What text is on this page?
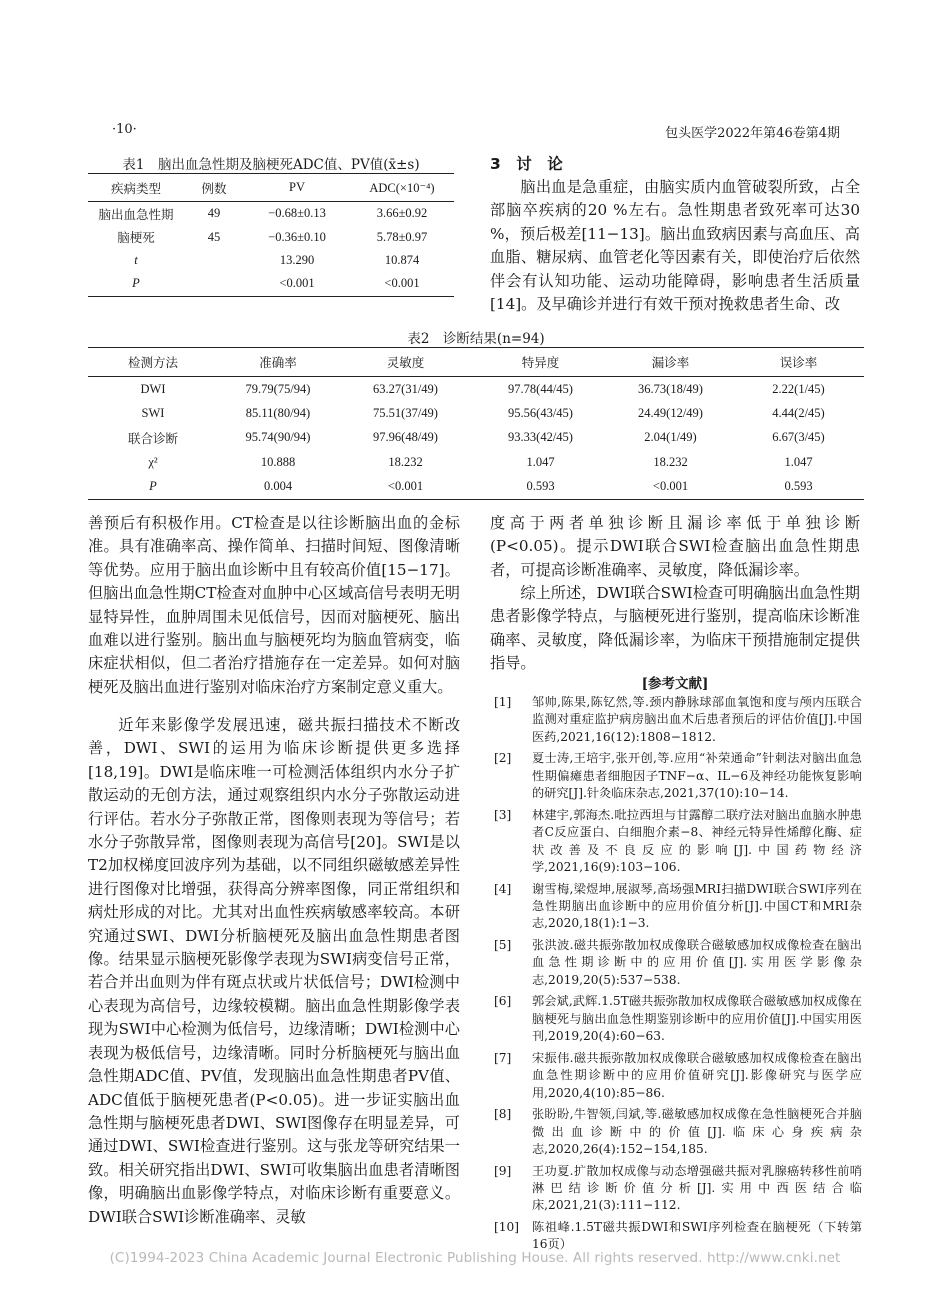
·10·	包头医学2022年第46卷第4期
表1　脑出血急性期及脑梗死ADC值、PV值(x̄±s)
疾病类型	例数	PV	ADC(×10⁻⁴)
脑出血急性期	49	−0.68±0.13	3.66±0.92
脑梗死	45	−0.36±0.10	5.78±0.97
t		13.290	10.874
P		<0.001	<0.001
3　讨　论

脑出血是急重症，由脑实质内血管破裂所致，占全部脑卒疾病的20 %左右。急性期患者致死率可达30 %，预后极差[11−13]。脑出血致病因素与高血压、高血脂、糖尿病、血管老化等因素有关，即使治疗后依然伴会有认知功能、运动功能障碍，影响患者生活质量[14]。及早确诊并进行有效干预对挽救患者生命、改

表2　诊断结果(n=94)
检测方法	准确率	灵敏度	特异度	漏诊率	误诊率
DWI	79.79(75/94)	63.27(31/49)	97.78(44/45)	36.73(18/49)	2.22(1/45)
SWI	85.11(80/94)	75.51(37/49)	95.56(43/45)	24.49(12/49)	4.44(2/45)
联合诊断	95.74(90/94)	97.96(48/49)	93.33(42/45)	2.04(1/49)	6.67(3/45)
χ²	10.888	18.232	1.047	18.232	1.047
P	0.004	<0.001	0.593	<0.001	0.593

善预后有积极作用。CT检查是以往诊断脑出血的金标准。具有准确率高、操作简单、扫描时间短、图像清晰等优势。应用于脑出血诊断中且有较高价值[15−17]。但脑出血急性期CT检查对血肿中心区域高信号表明无明显特异性，血肿周围未见低信号，因而对脑梗死、脑出血难以进行鉴别。脑出血与脑梗死均为脑血管病变，临床症状相似，但二者治疗措施存在一定差异。如何对脑梗死及脑出血进行鉴别对临床治疗方案制定意义重大。

近年来影像学发展迅速，磁共振扫描技术不断改善，DWI、SWI的运用为临床诊断提供更多选择[18,19]。DWI是临床唯一可检测活体组织内水分子扩散运动的无创方法，通过观察组织内水分子弥散运动进行评估。若水分子弥散正常，图像则表现为等信号；若水分子弥散异常，图像则表现为高信号[20]。SWI是以T2加权梯度回波序列为基础，以不同组织磁敏感差异性进行图像对比增强，获得高分辨率图像，同正常组织和病灶形成的对比。尤其对出血性疾病敏感率较高。本研究通过SWI、DWI分析脑梗死及脑出血急性期患者图像。结果显示脑梗死影像学表现为SWI病变信号正常，若合并出血则为伴有斑点状或片状低信号；DWI检测中心表现为高信号，边缘较模糊。脑出血急性期影像学表现为SWI中心检测为低信号，边缘清晰；DWI检测中心表现为极低信号，边缘清晰。同时分析脑梗死与脑出血急性期ADC值、PV值，发现脑出血急性期患者PV值、ADC值低于脑梗死患者(P<0.05)。进一步证实脑出血急性期与脑梗死患者DWI、SWI图像存在明显差异，可通过DWI、SWI检查进行鉴别。这与张龙等研究结果一致。相关研究指出DWI、SWI可收集脑出血患者清晰图像，明确脑出血影像学特点，对临床诊断有重要意义。DWI联合SWI诊断准确率、灵敏

度高于两者单独诊断且漏诊率低于单独诊断(P<0.05)。提示DWI联合SWI检查脑出血急性期患者，可提高诊断准确率、灵敏度，降低漏诊率。

综上所述，DWI联合SWI检查可明确脑出血急性期患者影像学特点，与脑梗死进行鉴别，提高临床诊断准确率、灵敏度，降低漏诊率，为临床干预措施制定提供指导。

[参考文献]
[1] 邹帅,陈果,陈钇然,等.颈内静脉球部血氧饱和度与颅内压联合监测对重症监护病房脑出血术后患者预后的评估价值[J].中国医药,2021,16(12):1808−1812.
[2] 夏士涛,王培宇,张开创,等.应用“补荣通命”针刺法对脑出血急性期偏瘫患者细胞因子TNF−α、IL−6及神经功能恢复影响的研究[J].针灸临床杂志,2021,37(10):10−14.
[3] 林建宇,郭海杰.吡拉西坦与甘露醇二联疗法对脑出血脑水肿患者C反应蛋白、白细胞介素−8、神经元特异性烯醇化酶、症状改善及不良反应的影响[J].中国药物经济学,2021,16(9):103−106.
[4] 谢雪梅,梁煜坤,展淑琴,高场强MRI扫描DWI联合SWI序列在急性期脑出血诊断中的应用价值分析[J].中国CT和MRI杂志,2020,18(1):1−3.
[5] 张洪波.磁共振弥散加权成像联合磁敏感加权成像检查在脑出血急性期诊断中的应用价值[J].实用医学影像杂志,2019,20(5):537−538.
[6] 郭会斌,武辉.1.5T磁共振弥散加权成像联合磁敏感加权成像在脑梗死与脑出血急性期鉴别诊断中的应用价值[J].中国实用医刊,2019,20(4):60−63.
[7] 宋振伟.磁共振弥散加权成像联合磁敏感加权成像检查在脑出血急性期诊断中的应用价值研究[J].影像研究与医学应用,2020,4(10):85−86.
[8] 张盼盼,牛智领,闫斌,等.磁敏感加权成像在急性脑梗死合并脑微出血诊断中的价值[J].临床心身疾病杂志,2020,26(4):152−154,185.
[9] 王功夏.扩散加权成像与动态增强磁共振对乳腺癌转移性前哨淋巴结诊断价值分析[J].实用中西医结合临床,2021,21(3):111−112.
[10] 陈祖峰.1.5T磁共振DWI和SWI序列检查在脑梗死（下转第16页）
(C)1994-2023 China Academic Journal Electronic Publishing House. All rights reserved. http://www.cnki.net
